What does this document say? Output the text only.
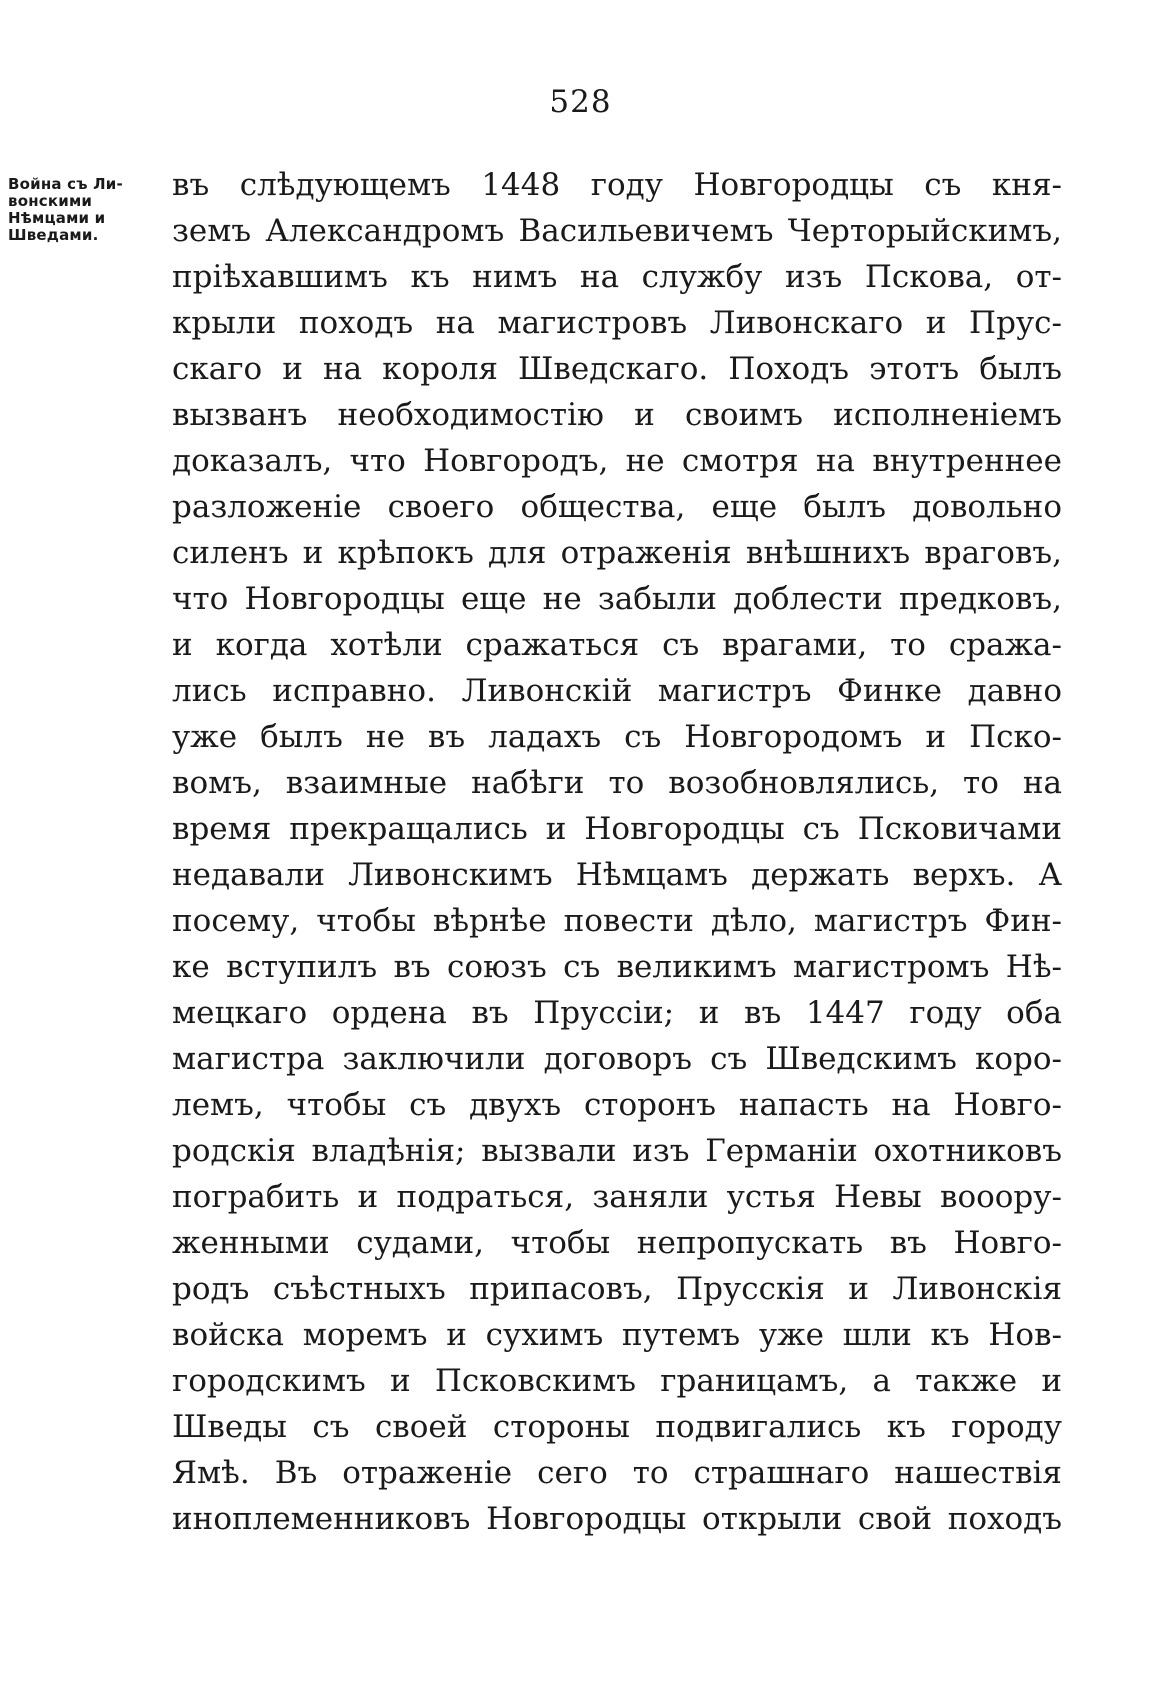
528
Война съ Ли-
вонскими
Нѣмцами и
Шведами.
въ слѣдующемъ 1448 году Новгородцы съ кня-
земъ Александромъ Васильевичемъ Черторыйскимъ,
пріѣхавшимъ къ нимъ на службу изъ Пскова, от-
крыли походъ на магистровъ Ливонскаго и Прус-
скаго и на короля Шведскаго. Походъ этотъ былъ
вызванъ необходимостію и своимъ исполненіемъ
доказалъ, что Новгородъ, не смотря на внутреннее
разложеніе своего общества, еще былъ довольно
силенъ и крѣпокъ для отраженія внѣшнихъ враговъ,
что Новгородцы еще не забыли доблести предковъ,
и когда хотѣли сражаться съ врагами, то сража-
лись исправно. Ливонскій магистръ Финке давно
уже былъ не въ ладахъ съ Новгородомъ и Пско-
вомъ, взаимные набѣги то возобновлялись, то на
время прекращались и Новгородцы съ Псковичами
недавали Ливонскимъ Нѣмцамъ держать верхъ. А
посему, чтобы вѣрнѣе повести дѣло, магистръ Фин-
ке вступилъ въ союзъ съ великимъ магистромъ Нѣ-
мецкаго ордена въ Пруссіи; и въ 1447 году оба
магистра заключили договоръ съ Шведскимъ коро-
лемъ, чтобы съ двухъ сторонъ напасть на Новго-
родскія владѣнія; вызвали изъ Германіи охотниковъ
пограбить и подраться, заняли устья Невы вооору-
женными судами, чтобы непропускать въ Новго-
родъ съѣстныхъ припасовъ, Прусскія и Ливонскія
войска моремъ и сухимъ путемъ уже шли къ Нов-
городскимъ и Псковскимъ границамъ, а также и
Шведы съ своей стороны подвигались къ городу
Ямѣ. Въ отраженіе сего то страшнаго нашествія
иноплеменниковъ Новгородцы открыли свой походъ
